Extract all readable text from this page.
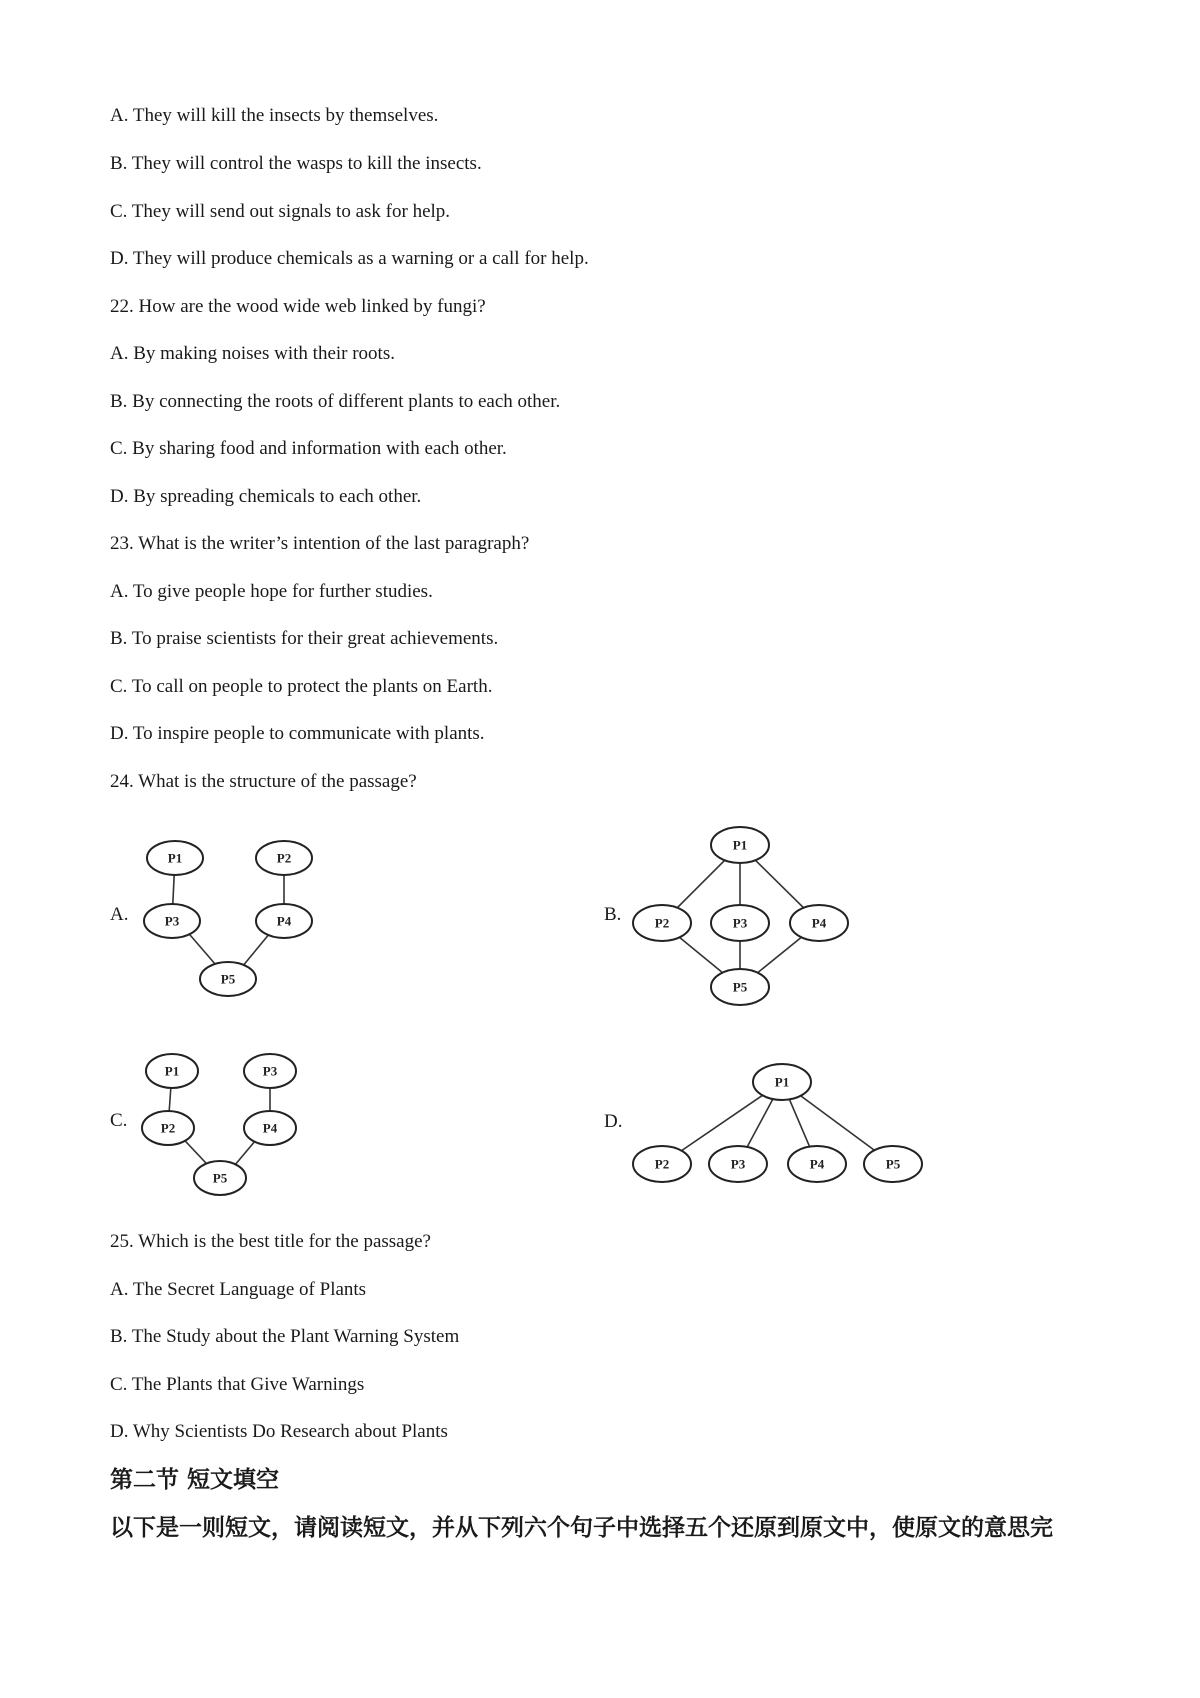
A. They will kill the insects by themselves.
B. They will control the wasps to kill the insects.
C. They will send out signals to ask for help.
D. They will produce chemicals as a warning or a call for help.
22. How are the wood wide web linked by fungi?
A. By making noises with their roots.
B. By connecting the roots of different plants to each other.
C. By sharing food and information with each other.
D. By spreading chemicals to each other.
23. What is the writer’s intention of the last paragraph?
A. To give people hope for further studies.
B. To praise scientists for their great achievements.
C. To call on people to protect the plants on Earth.
D. To inspire people to communicate with plants.
24. What is the structure of the passage?
A.
P1	P2
P3	P4
P5
B.
P1
P2	P3	P4
P5
C.
P1	P3
P2	P4
P5
D.
P1
P2	P3	P4	P5
25. Which is the best title for the passage?
A. The Secret Language of Plants
B. The Study about the Plant Warning System
C. The Plants that Give Warnings
D. Why Scientists Do Research about Plants
第二节 短文填空
以下是一则短文，请阅读短文，并从下列六个句子中选择五个还原到原文中，使原文的意思完
